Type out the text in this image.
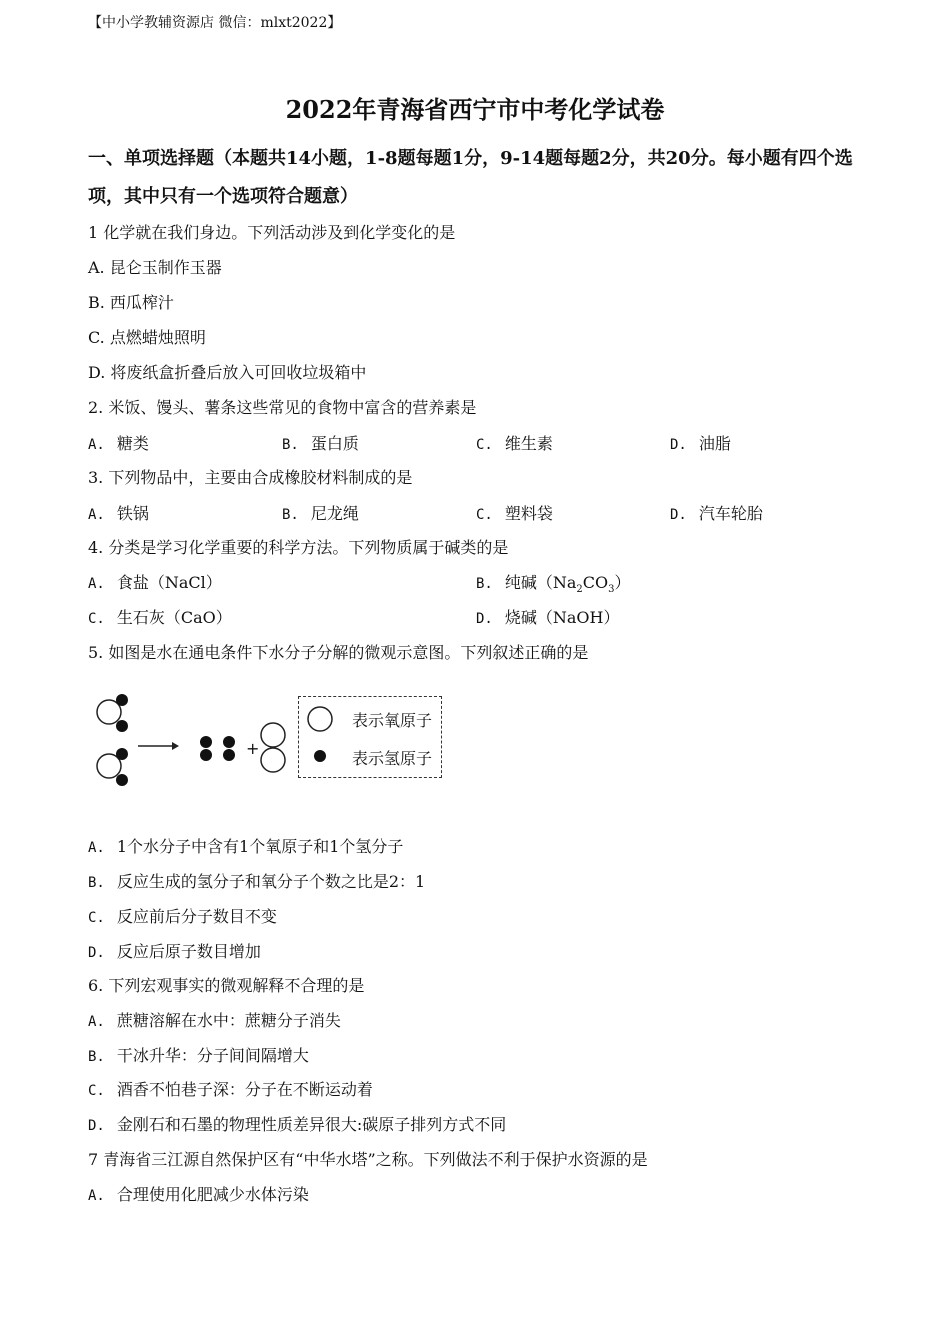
【中小学教辅资源店 微信：mlxt2022】
2022年青海省西宁市中考化学试卷
一、单项选择题（本题共14小题，1-8题每题1分，9-14题每题2分，共20分。每小题有四个选项，其中只有一个选项符合题意）
1 化学就在我们身边。下列活动涉及到化学变化的是
A. 昆仑玉制作玉器
B. 西瓜榨汁
C. 点燃蜡烛照明
D. 将废纸盒折叠后放入可回收垃圾箱中
2. 米饭、馒头、薯条这些常见的食物中富含的营养素是
A. 糖类	B. 蛋白质	C. 维生素	D. 油脂
3. 下列物品中，主要由合成橡胶材料制成的是
A. 铁锅	B. 尼龙绳	C. 塑料袋	D. 汽车轮胎
4. 分类是学习化学重要的科学方法。下列物质属于碱类的是
A. 食盐（NaCl）	B. 纯碱$(Na_2CO_3)$
C. 生石灰（CaO）	D. 烧碱（NaOH）
5. 如图是水在通电条件下水分子分解的微观示意图。下列叙述正确的是
+
表示氧原子
表示氢原子
A. 1个水分子中含有1个氧原子和1个氢分子
B. 反应生成的氢分子和氧分子个数之比是2：1
C. 反应前后分子数目不变
D. 反应后原子数目增加
6. 下列宏观事实的微观解释不合理的是
A. 蔗糖溶解在水中：蔗糖分子消失
B. 干冰升华：分子间间隔增大
C. 酒香不怕巷子深：分子在不断运动着
D. 金刚石和石墨的物理性质差异很大:碳原子排列方式不同
7 青海省三江源自然保护区有“中华水塔”之称。下列做法不利于保护水资源的是
A. 合理使用化肥减少水体污染
